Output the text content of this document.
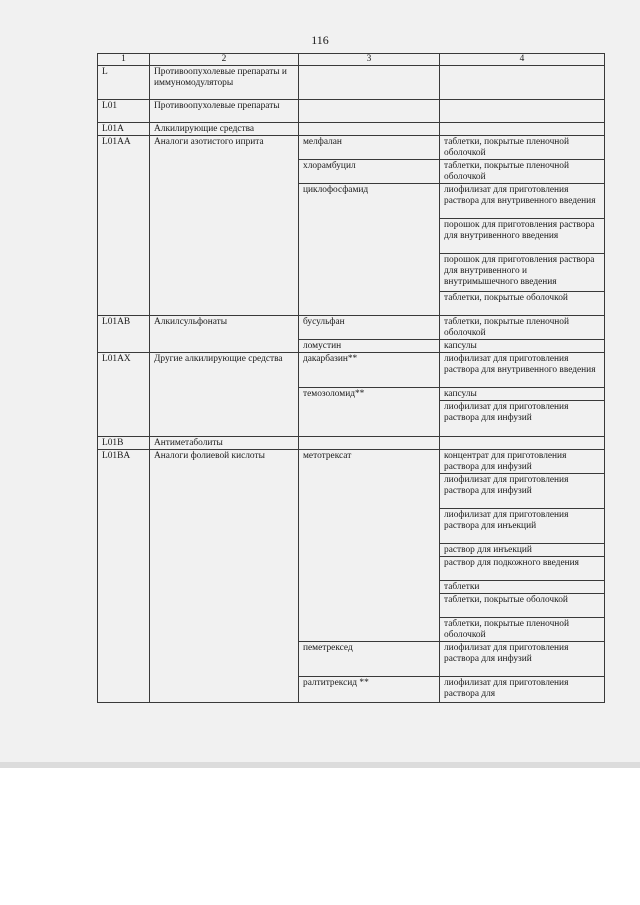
116
1	2	3	4
L	Противоопухолевые препараты и иммуномодуляторы		
L01	Противоопухолевые препараты		
L01A	Алкилирующие средства		
L01AA	Аналоги азотистого иприта	мелфалан	таблетки, покрытые пленочной оболочкой
		хлорамбуцил	таблетки, покрытые пленочной оболочкой
		циклофосфамид	лиофилизат для приготовления раствора для внутривенного введения
			порошок для приготовления раствора для внутривенного введения
			порошок для приготовления раствора для внутривенного и внутримышечного введения
			таблетки, покрытые оболочкой
L01AB	Алкилсульфонаты	бусульфан	таблетки, покрытые пленочной оболочкой
		ломустин	капсулы
L01AX	Другие алкилирующие средства	дакарбазин**	лиофилизат для приготовления раствора для внутривенного введения
		темозоломид**	капсулы
			лиофилизат для приготовления раствора для инфузий
L01B	Антиметаболиты		
L01BA	Аналоги фолиевой кислоты	метотрексат	концентрат для приготовления раствора для инфузий
			лиофилизат для приготовления раствора для инфузий
			лиофилизат для приготовления раствора для инъекций
			раствор для инъекций
			раствор для подкожного введения
			таблетки
			таблетки, покрытые оболочкой
			таблетки, покрытые пленочной оболочкой
		пеметрексед	лиофилизат для приготовления раствора для инфузий
		ралтитрексид **	лиофилизат для приготовления раствора для
